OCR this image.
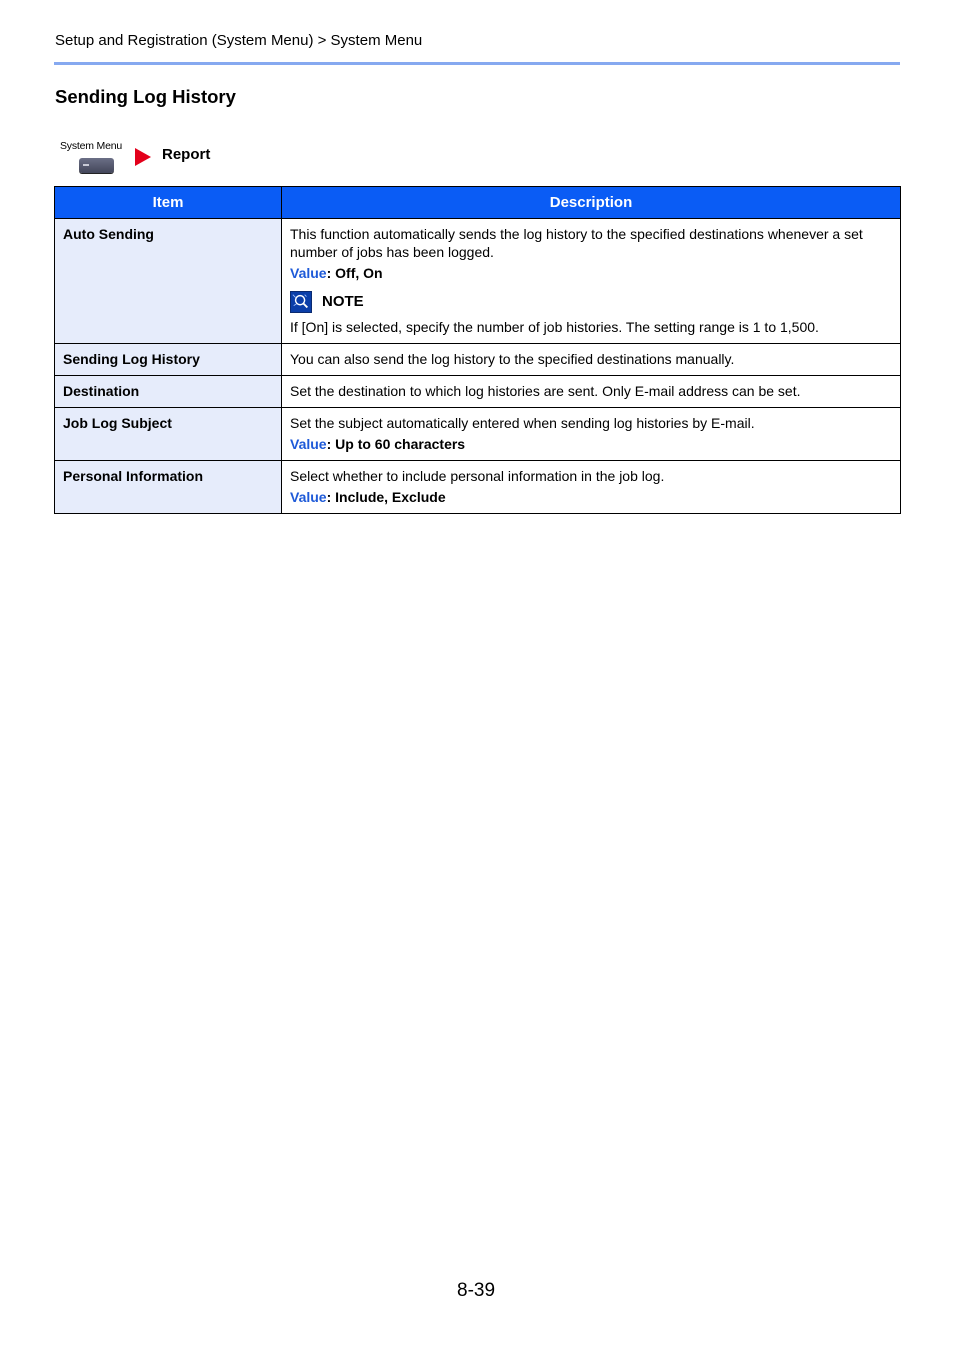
Setup and Registration (System Menu) > System Menu
Sending Log History
System Menu	Report
Item	Description
Auto Sending	This function automatically sends the log history to the specified destinations whenever a set number of jobs has been logged.
Value: Off, On
NOTE
If [On] is selected, specify the number of job histories. The setting range is 1 to 1,500.

Sending Log History	You can also send the log history to the specified destinations manually.

Destination	Set the destination to which log histories are sent. Only E-mail address can be set.

Job Log Subject	Set the subject automatically entered when sending log histories by E-mail.
Value: Up to 60 characters

Personal Information	Select whether to include personal information in the job log.
Value: Include, Exclude
8-39
